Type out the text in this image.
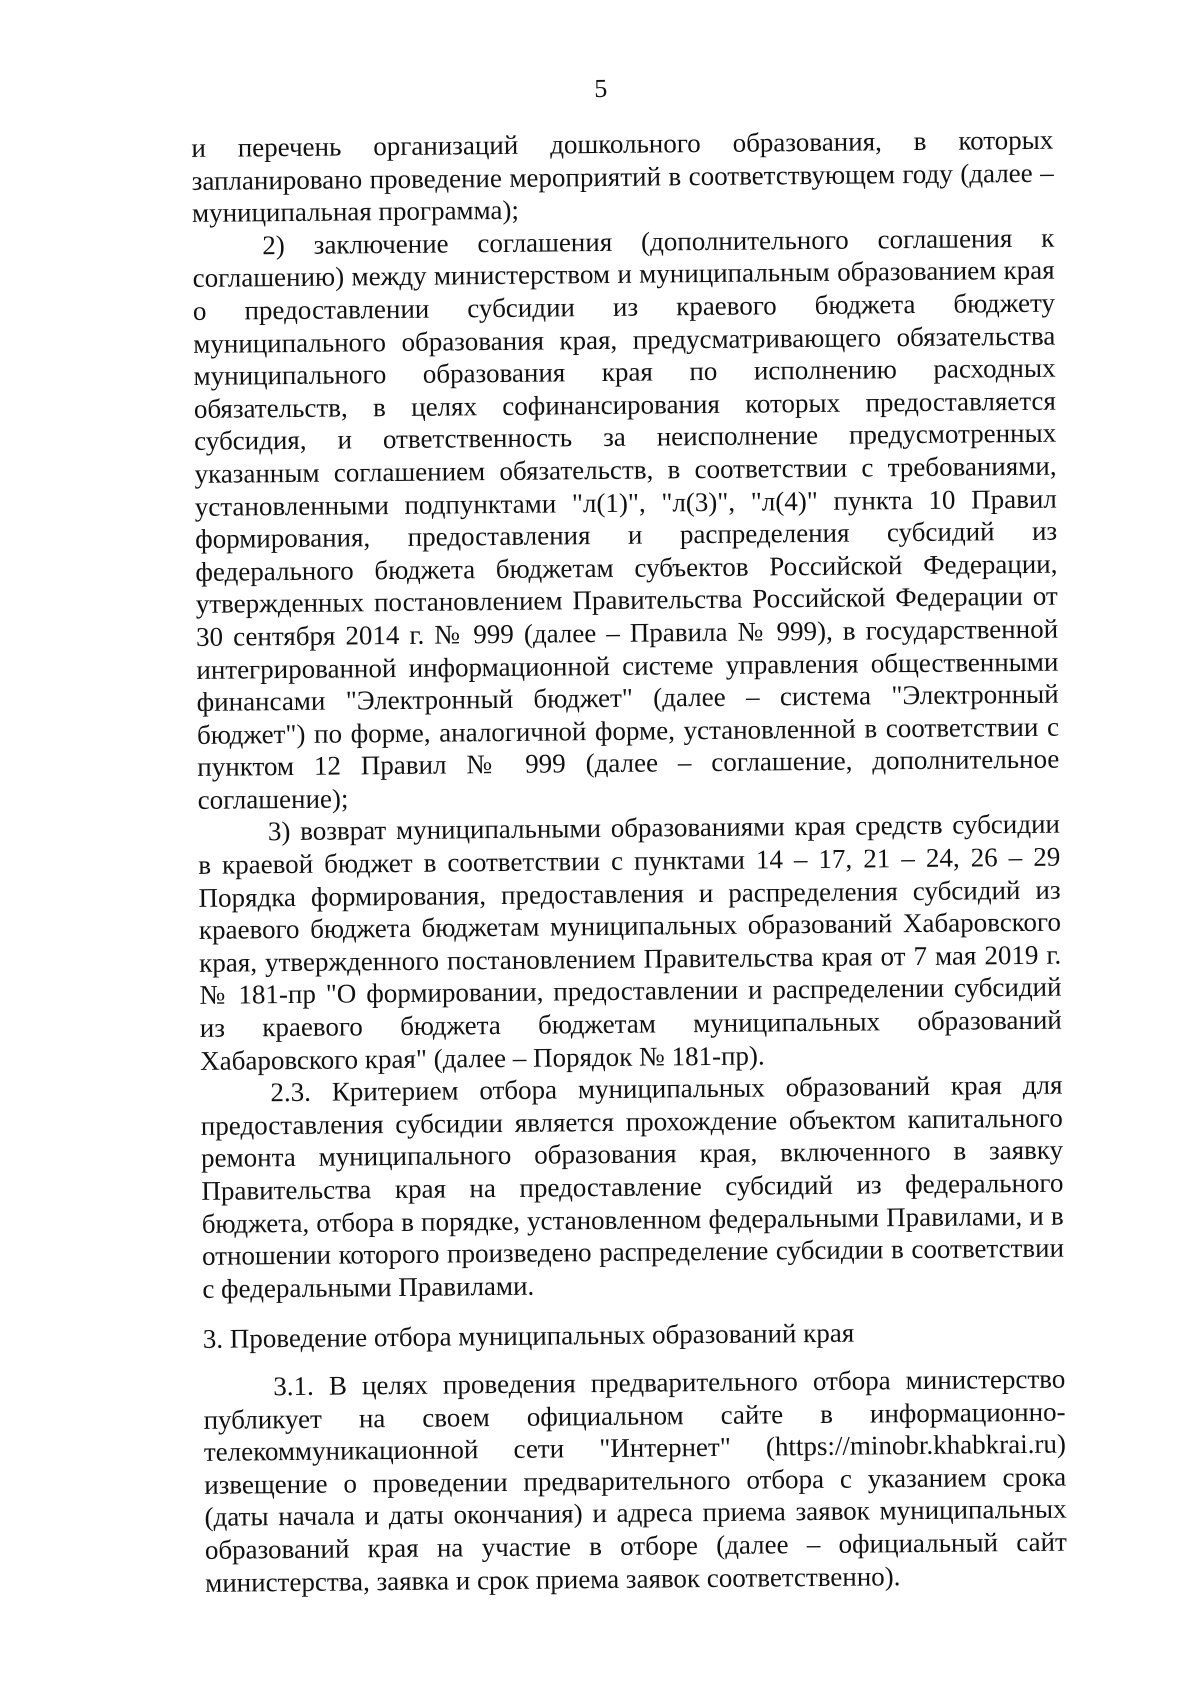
5

и перечень организаций дошкольного образования, в которых запланировано проведение мероприятий в соответствующем году (далее – муниципальная программа);

2) заключение соглашения (дополнительного соглашения к соглашению) между министерством и муниципальным образованием края о предоставлении субсидии из краевого бюджета бюджету муниципального образования края, предусматривающего обязательства муниципального образования края по исполнению расходных обязательств, в целях софинансирования которых предоставляется субсидия, и ответственность за неисполнение предусмотренных указанным соглашением обязательств, в соответствии с требованиями, установленными подпунктами "л(1)", "л(3)", "л(4)" пункта 10 Правил формирования, предоставления и распределения субсидий из федерального бюджета бюджетам субъектов Российской Федерации, утвержденных постановлением Правительства Российской Федерации от 30 сентября 2014 г. № 999 (далее – Правила № 999), в государственной интегрированной информационной системе управления общественными финансами "Электронный бюджет" (далее – система "Электронный бюджет") по форме, аналогичной форме, установленной в соответствии с пунктом 12 Правил № 999 (далее – соглашение, дополнительное соглашение);

3) возврат муниципальными образованиями края средств субсидии в краевой бюджет в соответствии с пунктами 14 – 17, 21 – 24, 26 – 29 Порядка формирования, предоставления и распределения субсидий из краевого бюджета бюджетам муниципальных образований Хабаровского края, утвержденного постановлением Правительства края от 7 мая 2019 г. № 181-пр "О формировании, предоставлении и распределении субсидий из краевого бюджета бюджетам муниципальных образований Хабаровского края" (далее – Порядок № 181-пр).

2.3. Критерием отбора муниципальных образований края для предоставления субсидии является прохождение объектом капитального ремонта муниципального образования края, включенного в заявку Правительства края на предоставление субсидий из федерального бюджета, отбора в порядке, установленном федеральными Правилами, и в отношении которого произведено распределение субсидии в соответствии с федеральными Правилами.

3. Проведение отбора муниципальных образований края

3.1. В целях проведения предварительного отбора министерство публикует на своем официальном сайте в информационно-телекоммуникационной сети "Интернет" (https://minobr.khabkrai.ru) извещение о проведении предварительного отбора с указанием срока (даты начала и даты окончания) и адреса приема заявок муниципальных образований края на участие в отборе (далее – официальный сайт министерства, заявка и срок приема заявок соответственно).
